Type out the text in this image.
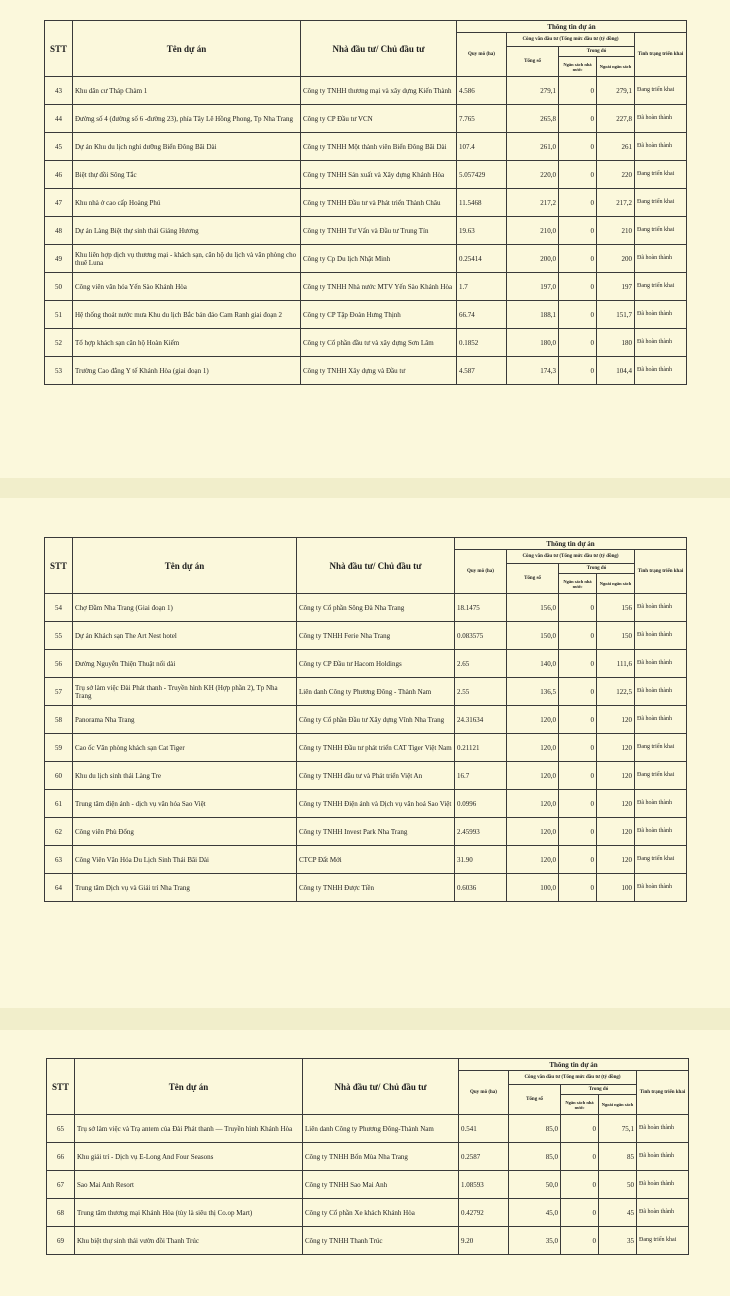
STT	Tên dự án	Nhà đầu tư/ Chủ đầu tư	Thông tin dự án				
			Quy mô (ha)	Công văn đầu tư (Tổng mức đầu tư (tỷ đồng)			Tình trạng triển khai
				Tổng số	Trong đó		
					Ngân sách nhà nước	Ngoài ngân sách	
43	Khu dân cư Tháp Chàm 1	Công ty TNHH thương mại và xây dựng Kiến Thành	4.586	279,1	0	279,1	Đang triển khai
44	Đường số 4 (đường số 6 -đường 23), phía Tây Lê Hồng Phong, Tp Nha Trang	Công ty CP Đầu tư VCN	7.765	265,8	0	227,8	Đã hoàn thành
45	Dự án Khu du lịch nghỉ dưỡng Biển Đông Bãi Dài	Công ty TNHH Một thành viên Biển Đông Bãi Dài	107.4	261,0	0	261	Đã hoàn thành
46	Biệt thự đồi Sông Tắc	Công ty TNHH Sản xuất và Xây dựng Khánh Hòa	5.057429	220,0	0	220	Đang triển khai
47	Khu nhà ở cao cấp Hoàng Phú	Công ty TNHH Đầu tư và Phát triển Thành Châu	11.5468	217,2	0	217,2	Đang triển khai
48	Dự án Làng Biệt thự sinh thái Giáng Hương	Công ty TNHH Tư Vấn và Đầu tư Trung Tín	19.63	210,0	0	210	Đang triển khai
49	Khu liên hợp dịch vụ thương mại - khách sạn, căn hộ du lịch và văn phòng cho thuê Luna	Công ty Cp Du lịch Nhật Minh	0.25414	200,0	0	200	Đã hoàn thành
50	Công viên văn hóa Yến Sào Khánh Hòa	Công ty TNHH Nhà nước MTV Yến Sào Khánh Hòa	1.7	197,0	0	197	Đang triển khai
51	Hệ thống thoát nước mưa Khu du lịch Bắc bán đảo Cam Ranh giai đoạn 2	Công ty CP Tập Đoàn Hưng Thịnh	66.74	188,1	0	151,7	Đã hoàn thành
52	Tổ hợp khách sạn căn hộ Hoàn Kiếm	Công ty Cổ phần đầu tư và xây dựng Sơn Lâm	0.1852	180,0	0	180	Đã hoàn thành
53	Trường Cao đẳng Y tế Khánh Hòa (giai đoạn 1)	Công ty TNHH Xây dựng và Đầu tư	4.587	174,3	0	104,4	Đã hoàn thành
STT	Tên dự án	Nhà đầu tư/ Chủ đầu tư	Thông tin dự án				
			Quy mô (ha)	Công văn đầu tư (Tổng mức đầu tư (tỷ đồng)			Tình trạng triển khai
				Tổng số	Trong đó		
					Ngân sách nhà nước	Ngoài ngân sách	
54	Chợ Đầm Nha Trang (Giai đoạn 1)	Công ty Cổ phần Sông Đà Nha Trang	18.1475	156,0	0	156	Đã hoàn thành
55	Dự án Khách sạn The Art Nest hotel	Công ty TNHH Ferie Nha Trang	0.083575	150,0	0	150	Đã hoàn thành
56	Đường Nguyễn Thiện Thuật nối dài	Công ty CP Đầu tư Hacom Holdings	2.65	140,0	0	111,6	Đã hoàn thành
57	Trụ sở làm việc Đài Phát thanh - Truyền hình KH (Hợp phần 2), Tp Nha Trang	Liên danh Công ty Phương Đông - Thành Nam	2.55	136,5	0	122,5	Đã hoàn thành
58	Panorama Nha Trang	Công ty Cổ phần Đầu tư Xây dựng Vĩnh Nha Trang	24.31634	120,0	0	120	Đã hoàn thành
59	Cao ốc Văn phòng khách sạn Cat Tiger	Công ty TNHH Đầu tư phát triển CAT Tiger Việt Nam	0.21121	120,0	0	120	Đang triển khai
60	Khu du lịch sinh thái Làng Tre	Công ty TNHH đầu tư và Phát triển Việt An	16.7	120,0	0	120	Đang triển khai
61	Trung tâm điện ảnh - dịch vụ văn hóa Sao Việt	Công ty TNHH Điện ảnh và Dịch vụ văn hoá Sao Việt	0.0996	120,0	0	120	Đã hoàn thành
62	Công viên Phù Đổng	Công ty TNHH Invest Park Nha Trang	2.45993	120,0	0	120	Đã hoàn thành
63	Công Viên Văn Hóa Du Lịch Sinh Thái Bãi Dài	CTCP Đất Mới	31.90	120,0	0	120	Đang triển khai
64	Trung tâm Dịch vụ và Giải trí Nha Trang	Công ty TNHH Được Tiền	0.6036	100,0	0	100	Đã hoàn thành
STT	Tên dự án	Nhà đầu tư/ Chủ đầu tư	Thông tin dự án				
			Quy mô (ha)	Công văn đầu tư (Tổng mức đầu tư (tỷ đồng)			Tình trạng triển khai
				Tổng số	Trong đó		
					Ngân sách nhà nước	Ngoài ngân sách	
65	Trụ sở làm việc và Trạ antem của Đài Phát thanh — Truyền hình Khánh Hòa	Liên danh Công ty Phương Đông-Thành Nam	0.541	85,0	0	75,1	Đã hoàn thành
66	Khu giải trí - Dịch vụ E-Long And Four Seasons	Công ty TNHH Bốn Mùa Nha Trang	0.2587	85,0	0	85	Đã hoàn thành
67	Sao Mai Anh Resort	Công ty TNHH Sao Mai Anh	1.08593	50,0	0	50	Đã hoàn thành
68	Trung tâm thương mại Khánh Hòa (tùy là siêu thị Co.op Mart)	Công ty Cổ phần Xe khách Khánh Hòa	0.42792	45,0	0	45	Đã hoàn thành
69	Khu biệt thự sinh thái vườn đồi Thanh Trúc	Công ty TNHH Thanh Trúc	9.20	35,0	0	35	Đang triển khai
